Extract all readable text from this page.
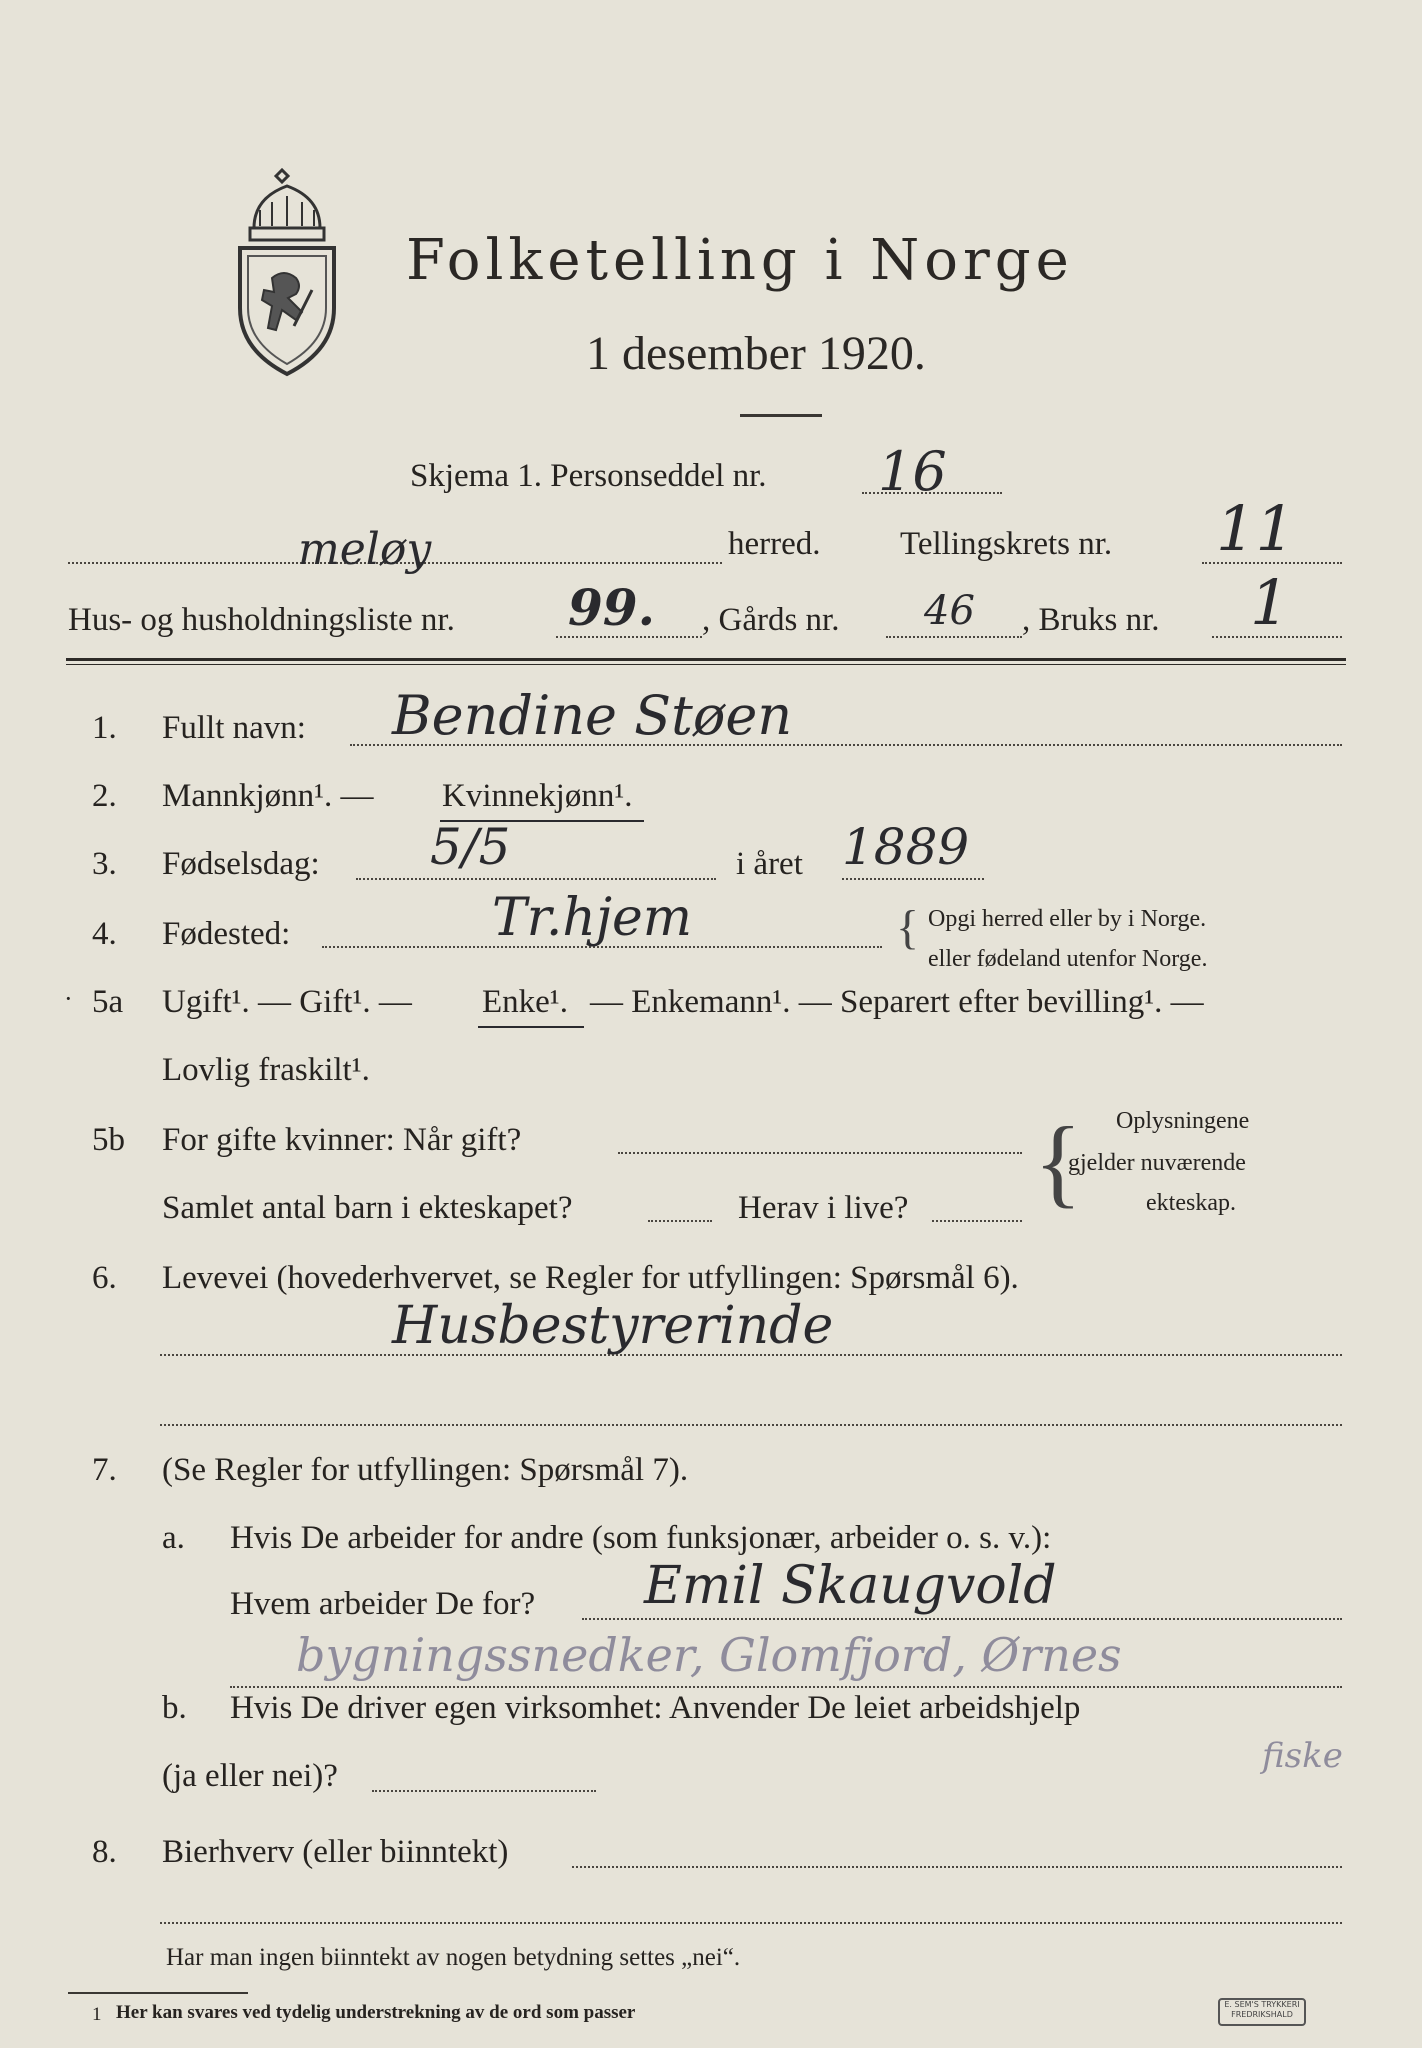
Folketelling i Norge
1 desember 1920.
Skjema 1. Personseddel nr. 16
meløy	herred. Tellingskrets nr. 11
Hus- og husholdningsliste nr. 99. , Gårds nr. 46 , Bruks nr. 1
1. Fullt navn: Bendine Støen
2. Mannkjønn¹. — Kvinnekjønn¹.
3. Fødselsdag: 5/5	i året 1889
4. Fødested:	Tr.hjem	{ Opgi herred eller by i Norge.
eller fødeland utenfor Norge.
· 5a Ugift¹. — Gift¹. — Enke¹. — Enkemann¹. — Separert efter bevilling¹. —
Lovlig fraskilt¹.
5b For gifte kvinner: Når gift?
Samlet antal barn i ekteskapet?	Herav i live? { Oplysningene
gjelder nuværende
ekteskap.
6. Levevei (hovederhvervet, se Regler for utfyllingen: Spørsmål 6).
Husbestyrerinde
7. (Se Regler for utfyllingen: Spørsmål 7).
a. Hvis De arbeider for andre (som funksjonær, arbeider o. s. v.):
Hvem arbeider De for? Emil Skaugvold
bygningssnedker, Glomfjord, Ørnes
b. Hvis De driver egen virksomhet: Anvender De leiet arbeidshjelp
fiske
(ja eller nei)?
8. Bierhverv (eller biinntekt)
Har man ingen biinntekt av nogen betydning settes „nei“.
1 Her kan svares ved tydelig understrekning av de ord som passer	E. SEM'S TRYKKERI
FREDRIKSHALD
